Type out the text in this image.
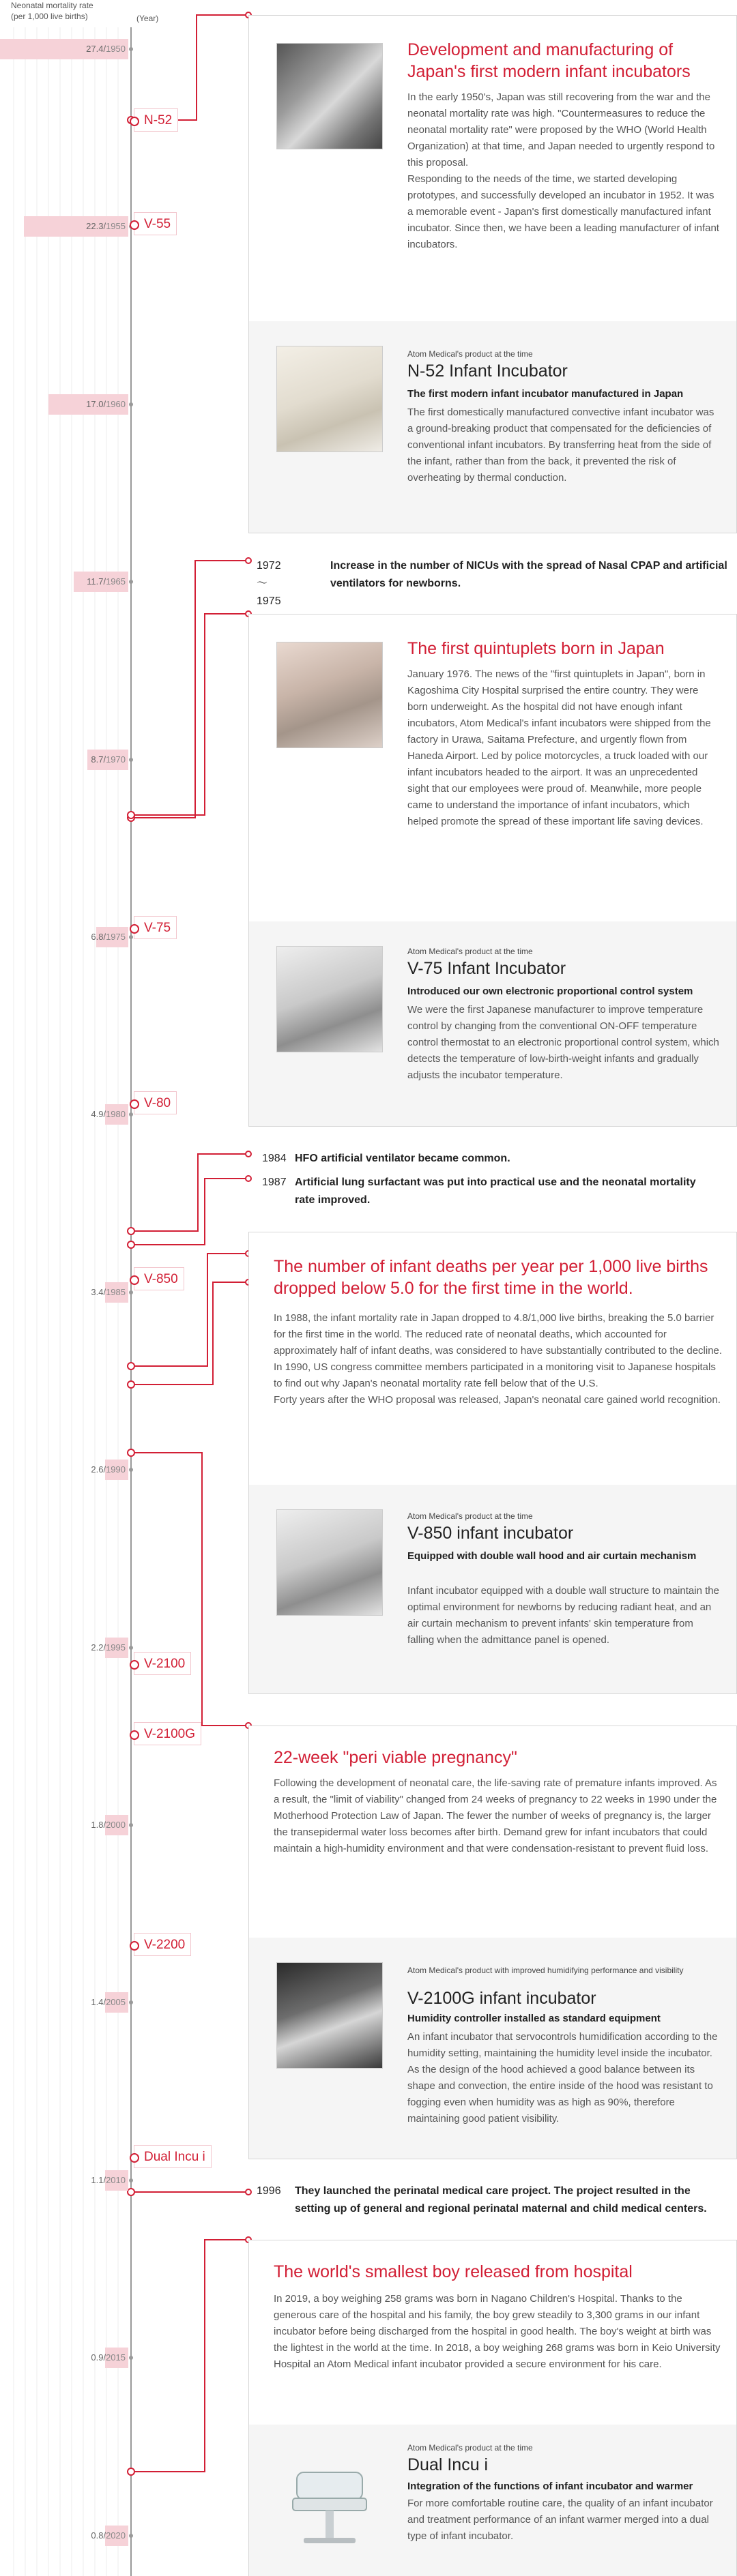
Neonatal mortality rate
(per 1,000 live births)	(Year)
27.4/1950
22.3/1955
17.0/1960
11.7/1965
8.7/1970
6.8/1975
4.9/1980
3.4/1985
2.6/1990
2.2/1995
1.8/2000
1.4/2005
1.1/2010
0.9/2015
0.8/2020
N-52
V-55
V-75
V-80
V-850
V-2100
V-2100G
V-2200
Dual Incu i
Development and manufacturing of Japan's first modern infant incubators
In the early 1950's, Japan was still recovering from the war and the neonatal mortality rate was high. "Countermeasures to reduce the neonatal mortality rate" were proposed by the WHO (World Health Organization) at that time, and Japan needed to urgently respond to this proposal.
Responding to the needs of the time, we started developing prototypes, and successfully developed an incubator in 1952. It was a memorable event - Japan's first domestically manufactured infant incubator. Since then, we have been a leading manufacturer of infant incubators.
Atom Medical's product at the time
N-52 Infant Incubator
The first modern infant incubator manufactured in Japan
The first domestically manufactured convective infant incubator was a ground-breaking product that compensated for the deficiencies of conventional infant incubators. By transferring heat from the side of the infant, rather than from the back, it prevented the risk of overheating by thermal conduction.
1972～1975
Increase in the number of NICUs with the spread of Nasal CPAP and artificial ventilators for newborns.
The first quintuplets born in Japan
January 1976. The news of the "first quintuplets in Japan", born in Kagoshima City Hospital surprised the entire country. They were born underweight. As the hospital did not have enough infant incubators, Atom Medical's infant incubators were shipped from the factory in Urawa, Saitama Prefecture, and urgently flown from Haneda Airport. Led by police motorcycles, a truck loaded with our infant incubators headed to the airport. It was an unprecedented sight that our employees were proud of. Meanwhile, more people came to understand the importance of infant incubators, which helped promote the spread of these important life saving devices.
Atom Medical's product at the time
V-75 Infant Incubator
Introduced our own electronic proportional control system
We were the first Japanese manufacturer to improve temperature control by changing from the conventional ON-OFF temperature control thermostat to an electronic proportional control system, which detects the temperature of low-birth-weight infants and gradually adjusts the incubator temperature.
1984 HFO artificial ventilator became common.
1987 Artificial lung surfactant was put into practical use and the neonatal mortality rate improved.
The number of infant deaths per year per 1,000 live births dropped below 5.0 for the first time in the world.
In 1988, the infant mortality rate in Japan dropped to 4.8/1,000 live births, breaking the 5.0 barrier for the first time in the world. The reduced rate of neonatal deaths, which accounted for approximately half of infant deaths, was considered to have substantially contributed to the decline.
In 1990, US congress committee members participated in a monitoring visit to Japanese hospitals to find out why Japan's neonatal mortality rate fell below that of the U.S.
Forty years after the WHO proposal was released, Japan's neonatal care gained world recognition.
Atom Medical's product at the time
V-850 infant incubator
Equipped with double wall hood and air curtain mechanism
Infant incubator equipped with a double wall structure to maintain the optimal environment for newborns by reducing radiant heat, and an air curtain mechanism to prevent infants' skin temperature from falling when the admittance panel is opened.
22-week "peri viable pregnancy"
Following the development of neonatal care, the life-saving rate of premature infants improved. As a result, the "limit of viability" changed from 24 weeks of pregnancy to 22 weeks in 1990 under the Motherhood Protection Law of Japan. The fewer the number of weeks of pregnancy is, the larger the transepidermal water loss becomes after birth. Demand grew for infant incubators that could maintain a high-humidity environment and that were condensation-resistant to prevent fluid loss.
Atom Medical's product with improved humidifying performance and visibility
V-2100G infant incubator
Humidity controller installed as standard equipment
An infant incubator that servocontrols humidification according to the humidity setting, maintaining the humidity level inside the incubator. As the design of the hood achieved a good balance between its shape and convection, the entire inside of the hood was resistant to fogging even when humidity was as high as 90%, therefore maintaining good patient visibility.
1996 They launched the perinatal medical care project. The project resulted in the setting up of general and regional perinatal maternal and child medical centers.
The world's smallest boy released from hospital
In 2019, a boy weighing 258 grams was born in Nagano Children's Hospital. Thanks to the generous care of the hospital and his family, the boy grew steadily to 3,300 grams in our infant incubator before being discharged from the hospital in good health. The boy's weight at birth was the lightest in the world at the time. In 2018, a boy weighing 268 grams was born in Keio University Hospital an Atom Medical infant incubator provided a secure environment for his care.
Atom Medical's product at the time
Dual Incu i
Integration of the functions of infant incubator and warmer
For more comfortable routine care, the quality of an infant incubator and treatment performance of an infant warmer merged into a dual type of infant incubator.
